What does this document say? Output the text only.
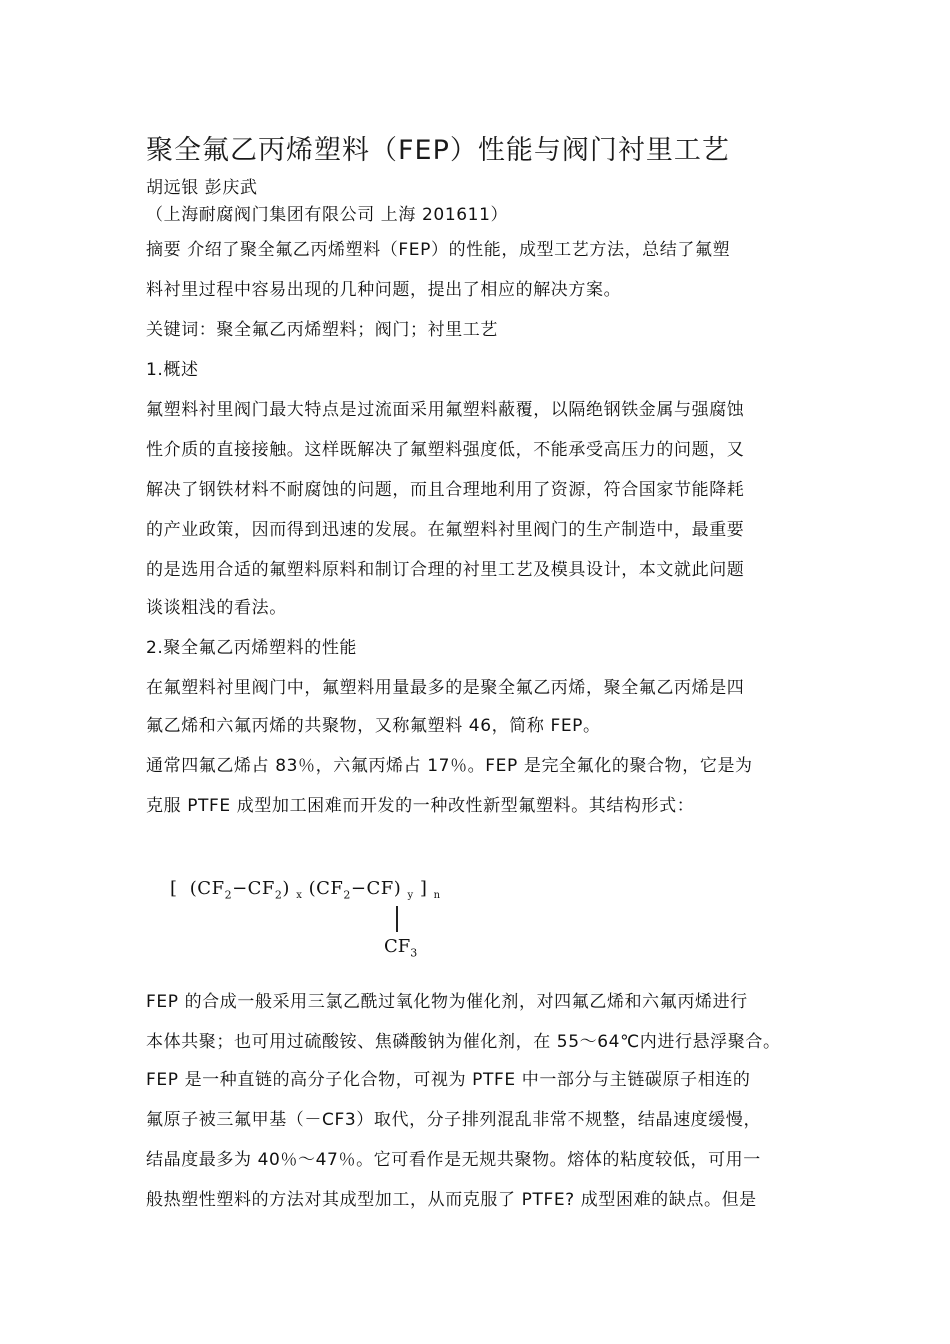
聚全氟乙丙烯塑料（FEP）性能与阀门衬里工艺
胡远银 彭庆武
（上海耐腐阀门集团有限公司 上海 201611）
摘要 介绍了聚全氟乙丙烯塑料（FEP）的性能，成型工艺方法，总结了氟塑
料衬里过程中容易出现的几种问题，提出了相应的解决方案。
关键词：聚全氟乙丙烯塑料；阀门；衬里工艺
1.概述
氟塑料衬里阀门最大特点是过流面采用氟塑料蔽覆，以隔绝钢铁金属与强腐蚀
性介质的直接接触。这样既解决了氟塑料强度低，不能承受高压力的问题，又
解决了钢铁材料不耐腐蚀的问题，而且合理地利用了资源，符合国家节能降耗
的产业政策，因而得到迅速的发展。在氟塑料衬里阀门的生产制造中，最重要
的是选用合适的氟塑料原料和制订合理的衬里工艺及模具设计，本文就此问题
谈谈粗浅的看法。
2.聚全氟乙丙烯塑料的性能
在氟塑料衬里阀门中，氟塑料用量最多的是聚全氟乙丙烯，聚全氟乙丙烯是四
氟乙烯和六氟丙烯的共聚物，又称氟塑料 46，简称 FEP。
通常四氟乙烯占 83％，六氟丙烯占 17％。FEP 是完全氟化的聚合物，它是为
克服 PTFE 成型加工困难而开发的一种改性新型氟塑料。其结构形式：
[ $(CF_2-CF_2)$ $_x$ $(CF_2-CF)$ $_y$ ] $_n$
$CF_3$
FEP 的合成一般采用三氯乙酰过氧化物为催化剂，对四氟乙烯和六氟丙烯进行
本体共聚；也可用过硫酸铵、焦磷酸钠为催化剂，在 55～64℃内进行悬浮聚合。
FEP 是一种直链的高分子化合物，可视为 PTFE 中一部分与主链碳原子相连的
氟原子被三氟甲基（－CF3）取代，分子排列混乱非常不规整，结晶速度缓慢，
结晶度最多为 40％～47％。它可看作是无规共聚物。熔体的粘度较低，可用一
般热塑性塑料的方法对其成型加工，从而克服了 PTFE? 成型困难的缺点。但是
